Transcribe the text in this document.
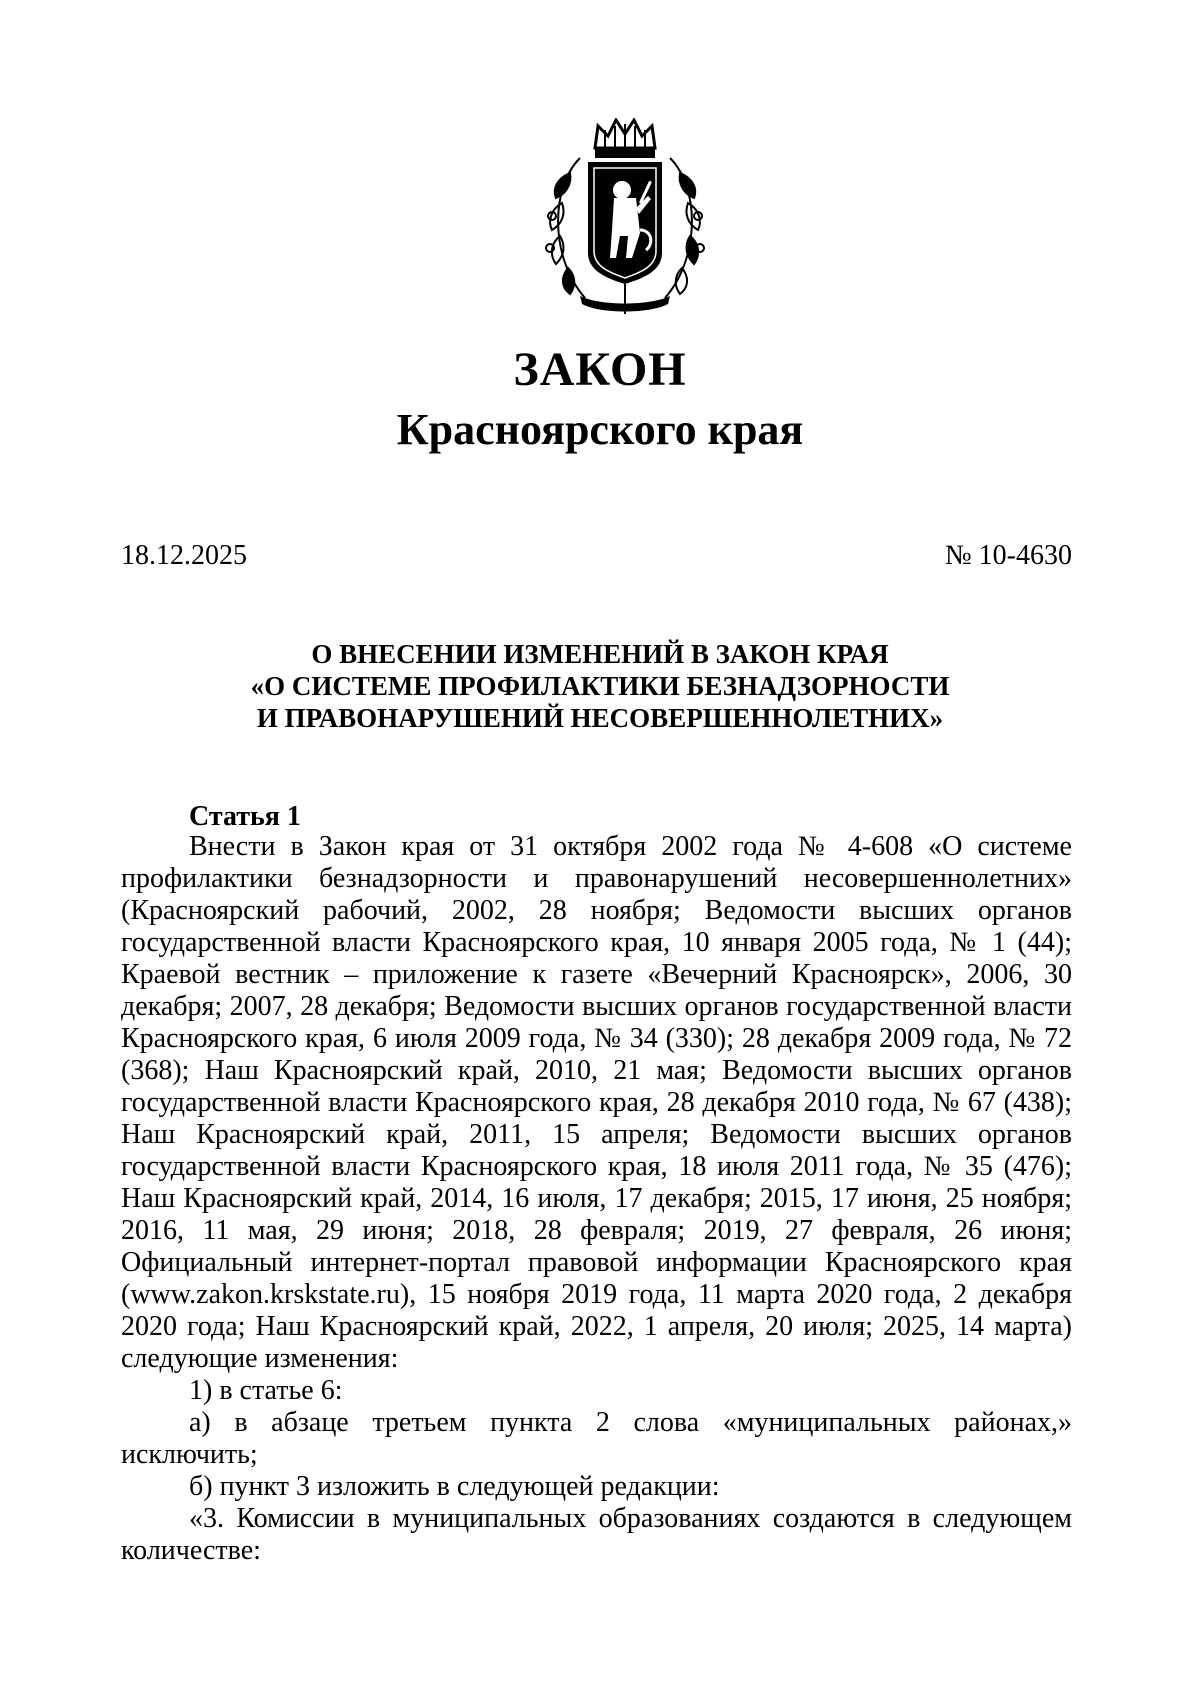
ЗАКОН
Красноярского края
18.12.2025	№ 10-4630
О ВНЕСЕНИИ ИЗМЕНЕНИЙ В ЗАКОН КРАЯ
«О СИСТЕМЕ ПРОФИЛАКТИКИ БЕЗНАДЗОРНОСТИ
И ПРАВОНАРУШЕНИЙ НЕСОВЕРШЕННОЛЕТНИХ»
Статья 1

Внести в Закон края от 31 октября 2002 года № 4-608 «О системе профилактики безнадзорности и правонарушений несовершеннолетних» (Красноярский рабочий, 2002, 28 ноября; Ведомости высших органов государственной власти Красноярского края, 10 января 2005 года, № 1 (44); Краевой вестник – приложение к газете «Вечерний Красноярск», 2006, 30 декабря; 2007, 28 декабря; Ведомости высших органов государственной власти Красноярского края, 6 июля 2009 года, № 34 (330); 28 декабря 2009 года, № 72 (368); Наш Красноярский край, 2010, 21 мая; Ведомости высших органов государственной власти Красноярского края, 28 декабря 2010 года, № 67 (438); Наш Красноярский край, 2011, 15 апреля; Ведомости высших органов государственной власти Красноярского края, 18 июля 2011 года, № 35 (476); Наш Красноярский край, 2014, 16 июля, 17 декабря; 2015, 17 июня, 25 ноября; 2016, 11 мая, 29 июня; 2018, 28 февраля; 2019, 27 февраля, 26 июня; Официальный интернет-портал правовой информации Красноярского края (www.zakon.krskstate.ru), 15 ноября 2019 года, 11 марта 2020 года, 2 декабря 2020 года; Наш Красноярский край, 2022, 1 апреля, 20 июля; 2025, 14 марта) следующие изменения:

1) в статье 6:

а) в абзаце третьем пункта 2 слова «муниципальных районах,» исключить;

б) пункт 3 изложить в следующей редакции:

«3. Комиссии в муниципальных образованиях создаются в следующем количестве:
